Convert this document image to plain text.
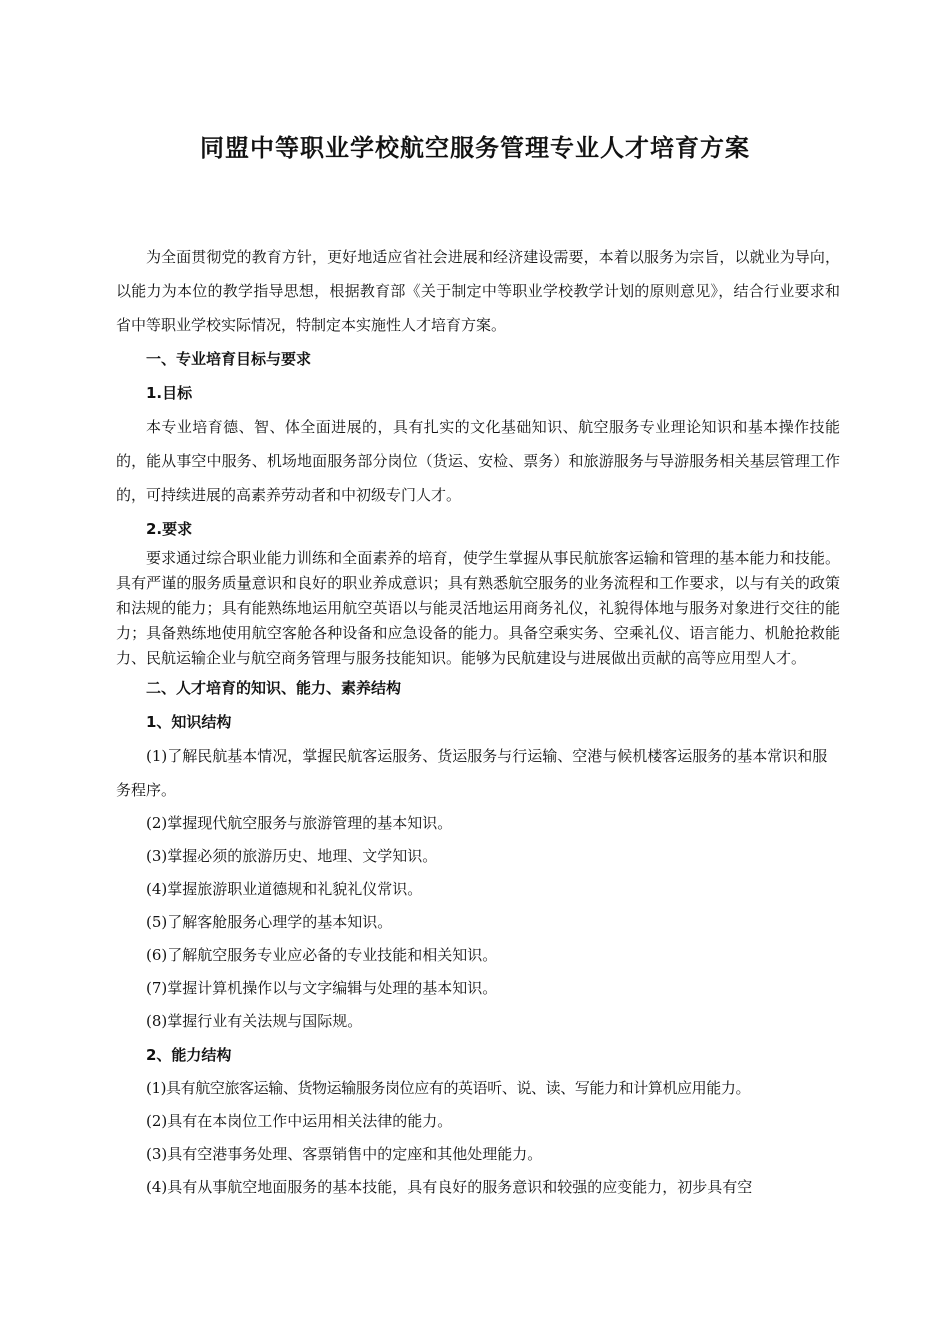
同盟中等职业学校航空服务管理专业人才培育方案

为全面贯彻党的教育方针，更好地适应省社会进展和经济建设需要，本着以服务为宗旨，以就业为导向，以能力为本位的教学指导思想，根据教育部《关于制定中等职业学校教学计划的原则意见》，结合行业要求和省中等职业学校实际情况，特制定本实施性人才培育方案。

一、专业培育目标与要求

1.目标

本专业培育德、智、体全面进展的，具有扎实的文化基础知识、航空服务专业理论知识和基本操作技能的，能从事空中服务、机场地面服务部分岗位（货运、安检、票务）和旅游服务与导游服务相关基层管理工作的，可持续进展的高素养劳动者和中初级专门人才。

2.要求

要求通过综合职业能力训练和全面素养的培育，使学生掌握从事民航旅客运输和管理的基本能力和技能。具有严谨的服务质量意识和良好的职业养成意识；具有熟悉航空服务的业务流程和工作要求，以与有关的政策和法规的能力；具有能熟练地运用航空英语以与能灵活地运用商务礼仪，礼貌得体地与服务对象进行交往的能力；具备熟练地使用航空客舱各种设备和应急设备的能力。具备空乘实务、空乘礼仪、语言能力、机舱抢救能力、民航运输企业与航空商务管理与服务技能知识。能够为民航建设与进展做出贡献的高等应用型人才。

二、人才培育的知识、能力、素养结构

1、知识结构

(1)了解民航基本情况，掌握民航客运服务、货运服务与行运输、空港与候机楼客运服务的基本常识和服务程序。

(2)掌握现代航空服务与旅游管理的基本知识。

(3)掌握必须的旅游历史、地理、文学知识。

(4)掌握旅游职业道德规和礼貌礼仪常识。

(5)了解客舱服务心理学的基本知识。

(6)了解航空服务专业应必备的专业技能和相关知识。

(7)掌握计算机操作以与文字编辑与处理的基本知识。

(8)掌握行业有关法规与国际规。

2、能力结构

(1)具有航空旅客运输、货物运输服务岗位应有的英语听、说、读、写能力和计算机应用能力。

(2)具有在本岗位工作中运用相关法律的能力。

(3)具有空港事务处理、客票销售中的定座和其他处理能力。

(4)具有从事航空地面服务的基本技能，具有良好的服务意识和较强的应变能力，初步具有空
